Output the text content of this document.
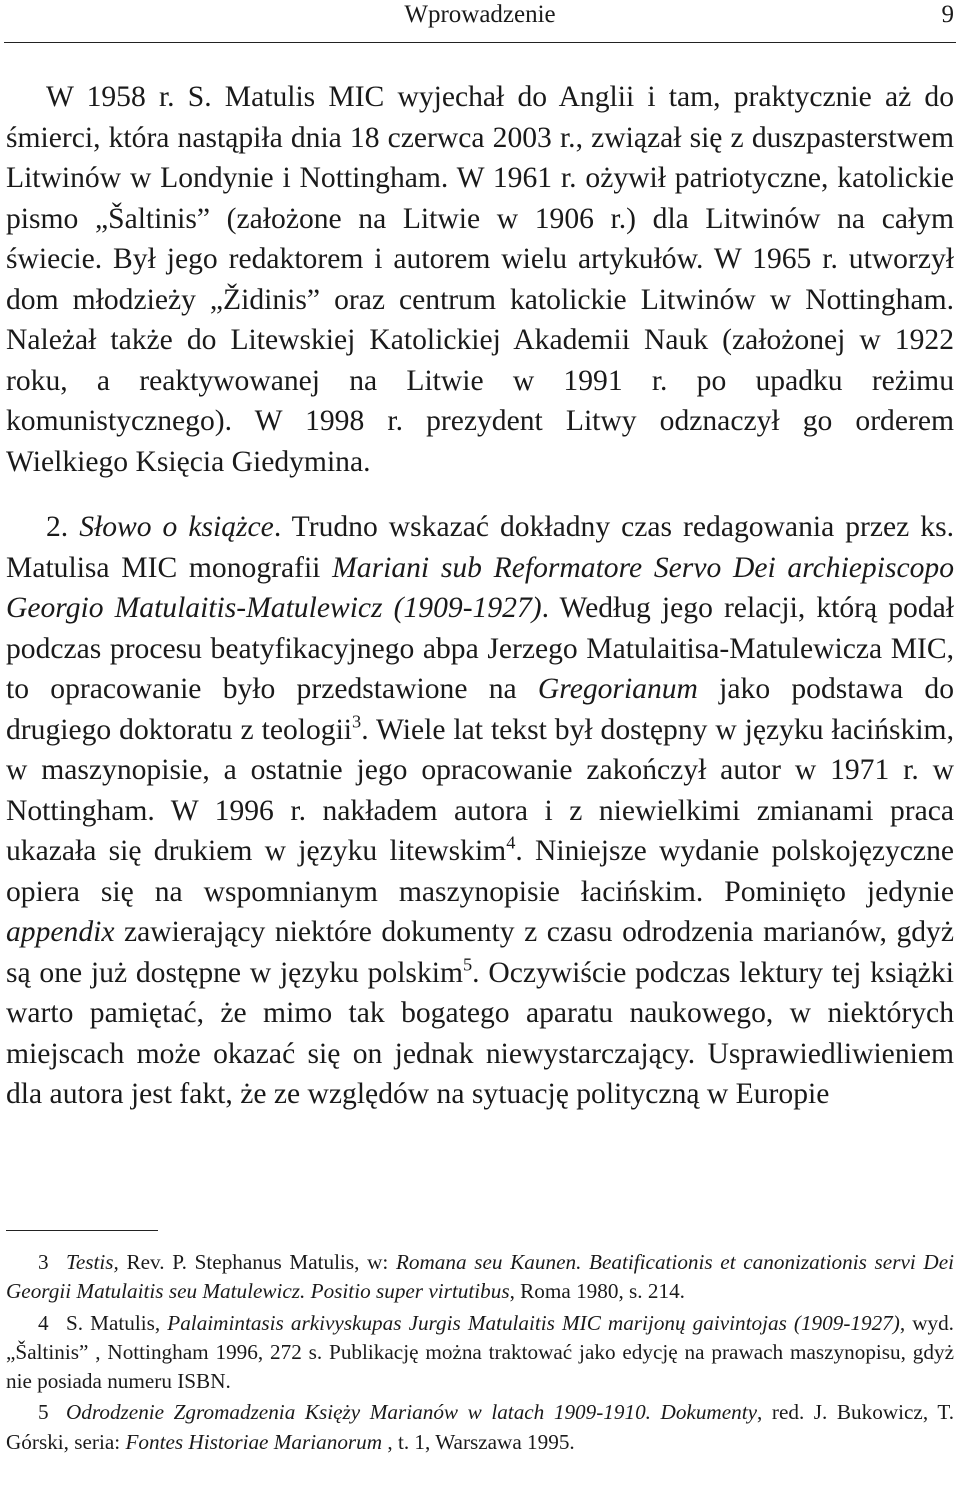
Wprowadzenie	9

W 1958 r. S. Matulis MIC wyjechał do Anglii i tam, praktycznie aż do śmierci, która nastąpiła dnia 18 czerwca 2003 r., związał się z duszpasterstwem Litwinów w Londynie i Nottingham. W 1961 r. ożywił patriotyczne, katolickie pismo „Šaltinis” (założone na Litwie w 1906 r.) dla Litwinów na całym świecie. Był jego redaktorem i autorem wielu artykułów. W 1965 r. utworzył dom młodzieży „Židinis” oraz centrum katolickie Litwinów w Nottingham. Należał także do Litewskiej Katolickiej Akademii Nauk (założonej w 1922 roku, a reaktywowanej na Litwie w 1991 r. po upadku reżimu komunistycznego). W 1998 r. prezydent Litwy odznaczył go orderem Wielkiego Księcia Giedymina.

2. Słowo o książce. Trudno wskazać dokładny czas redagowania przez ks. Matulisa MIC monografii Mariani sub Reformatore Servo Dei archiepiscopo Georgio Matulaitis-Matulewicz (1909-1927). Według jego relacji, którą podał podczas procesu beatyfikacyjnego abpa Jerzego Matulaitisa-Matulewicza MIC, to opracowanie było przedstawione na Gregorianum jako podstawa do drugiego doktoratu z teologii$^3$. Wiele lat tekst był dostępny w języku łacińskim, w maszynopisie, a ostatnie jego opracowanie zakończył autor w 1971 r. w Nottingham. W 1996 r. nakładem autora i z niewielkimi zmianami praca ukazała się drukiem w języku litewskim$^4$. Niniejsze wydanie polskojęzyczne opiera się na wspomnianym maszynopisie łacińskim. Pominięto jedynie appendix zawierający niektóre dokumenty z czasu odrodzenia marianów, gdyż są one już dostępne w języku polskim$^5$. Oczywiście podczas lektury tej książki warto pamiętać, że mimo tak bogatego aparatu naukowego, w niektórych miejscach może okazać się on jednak niewystarczający. Usprawiedliwieniem dla autora jest fakt, że ze względów na sytuację polityczną w Europie

3 Testis, Rev. P. Stephanus Matulis, w: Romana seu Kaunen. Beatificationis et canonizationis servi Dei Georgii Matulaitis seu Matulewicz. Positio super virtutibus, Roma 1980, s. 214.

4 S. Matulis, Palaimintasis arkivyskupas Jurgis Matulaitis MIC marijonų gaivintojas (1909-1927), wyd. „Šaltinis” , Nottingham 1996, 272 s. Publikację można traktować jako edycję na prawach maszynopisu, gdyż nie posiada numeru ISBN.

5 Odrodzenie Zgromadzenia Księży Marianów w latach 1909-1910. Dokumenty, red. J. Bukowicz, T. Górski, seria: Fontes Historiae Marianorum , t. 1, Warszawa 1995.
